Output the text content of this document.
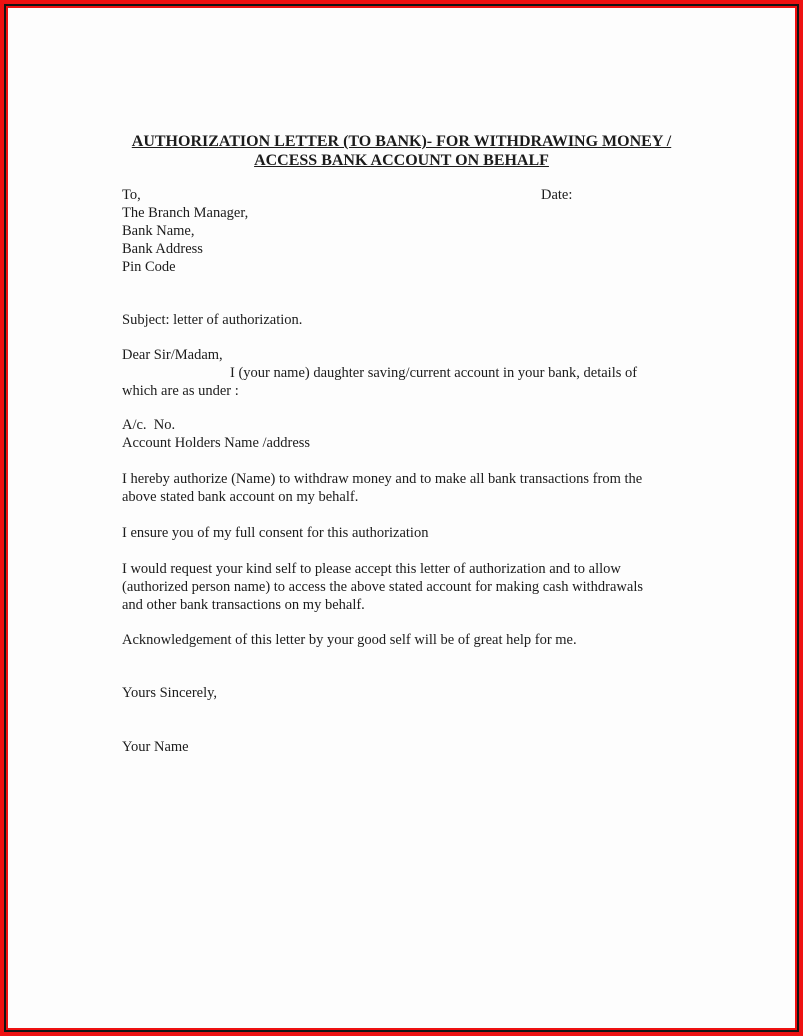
AUTHORIZATION LETTER (TO BANK)- FOR WITHDRAWING MONEY /
ACCESS BANK ACCOUNT ON BEHALF
To,	Date:
The Branch Manager,
Bank Name,
Bank Address
Pin Code
Subject: letter of authorization.
Dear Sir/Madam,
I (your name) daughter saving/current account in your bank, details of
which are as under :
A/c.  No.
Account Holders Name /address
I hereby authorize (Name) to withdraw money and to make all bank transactions from the
above stated bank account on my behalf.
I ensure you of my full consent for this authorization
I would request your kind self to please accept this letter of authorization and to allow
(authorized person name) to access the above stated account for making cash withdrawals
and other bank transactions on my behalf.
Acknowledgement of this letter by your good self will be of great help for me.
Yours Sincerely,
Your Name
